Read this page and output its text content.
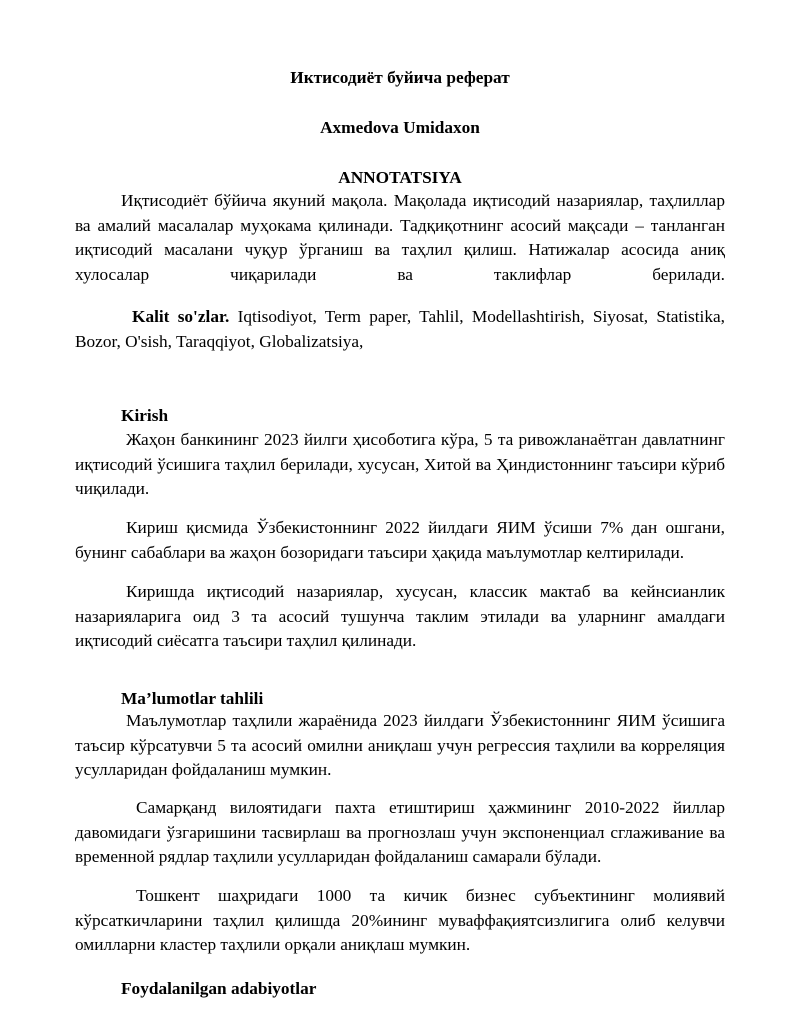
Иктисодиёт буйича реферат

Axmedova Umidaxon

ANNOTATSIYA

Иқтисодиёт бўйича якуний мақола. Мақолада иқтисодий назариялар, таҳлиллар ва амалий масалалар муҳокама қилинади. Тадқиқотнинг асосий мақсади – танланган иқтисодий масалани чуқур ўрганиш ва таҳлил қилиш. Натижалар асосида аниқ хулосалар чиқарилади ва таклифлар берилади.

Kalit so'zlar. Iqtisodiyot, Term paper, Tahlil, Modellashtirish, Siyosat, Statistika, Bozor, O'sish, Taraqqiyot, Globalizatsiya,

Kirish

Жаҳон банкининг 2023 йилги ҳисоботига кўра, 5 та ривожланаётган давлатнинг иқтисодий ўсишига таҳлил берилади, хусусан, Хитой ва Ҳиндистоннинг таъсири кўриб чиқилади.

Кириш қисмида Ўзбекистоннинг 2022 йилдаги ЯИМ ўсиши 7% дан ошгани, бунинг сабаблари ва жаҳон бозоридаги таъсири ҳақида маълумотлар келтирилади.

Киришда иқтисодий назариялар, хусусан, классик мактаб ва кейнсианлик назарияларига оид 3 та асосий тушунча таклим этилади ва уларнинг амалдаги иқтисодий сиёсатга таъсири таҳлил қилинади.

Ma’lumotlar tahlili

Маълумотлар таҳлили жараёнида 2023 йилдаги Ўзбекистоннинг ЯИМ ўсишига таъсир кўрсатувчи 5 та асосий омилни аниқлаш учун регрессия таҳлили ва корреляция усулларидан фойдаланиш мумкин.

Самарқанд вилоятидаги пахта етиштириш ҳажмининг 2010-2022 йиллар давомидаги ўзгаришини тасвирлаш ва прогнозлаш учун экспоненциал сглаживание ва временной рядлар таҳлили усулларидан фойдаланиш самарали бўлади.

Тошкент шаҳридаги 1000 та кичик бизнес субъектининг молиявий кўрсаткичларини таҳлил қилишда 20%ининг муваффақиятсизлигига олиб келувчи омилларни кластер таҳлили орқали аниқлаш мумкин.

Foydalanilgan adabiyotlar
